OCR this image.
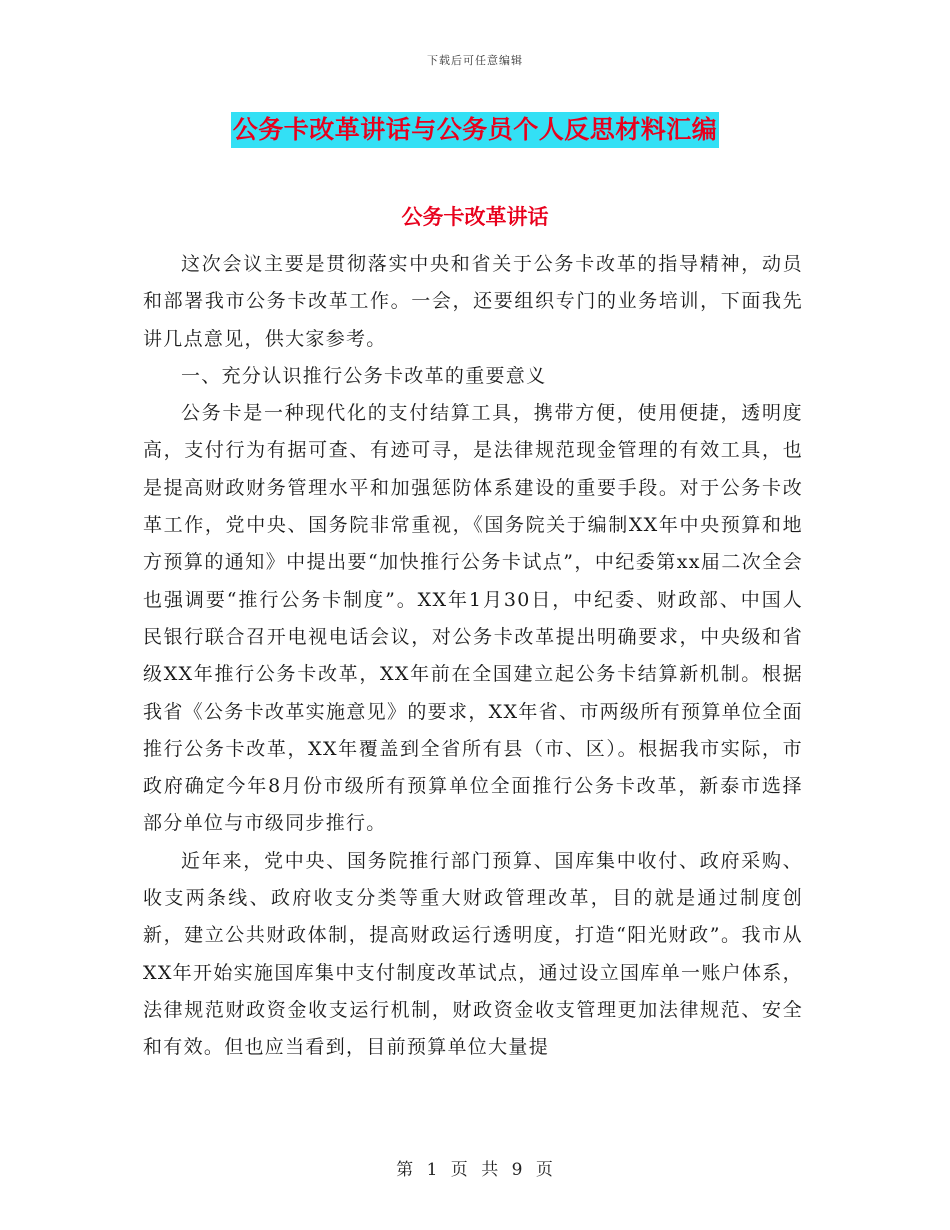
下载后可任意编辑
公务卡改革讲话与公务员个人反思材料汇编
公务卡改革讲话

这次会议主要是贯彻落实中央和省关于公务卡改革的指导精神，动员和部署我市公务卡改革工作。一会，还要组织专门的业务培训，下面我先讲几点意见，供大家参考。

一、充分认识推行公务卡改革的重要意义

公务卡是一种现代化的支付结算工具，携带方便，使用便捷，透明度高，支付行为有据可查、有迹可寻，是法律规范现金管理的有效工具，也是提高财政财务管理水平和加强惩防体系建设的重要手段。对于公务卡改革工作，党中央、国务院非常重视，《国务院关于编制XX年中央预算和地方预算的通知》中提出要“加快推行公务卡试点”，中纪委第xx届二次全会也强调要“推行公务卡制度”。XX年1月30日，中纪委、财政部、中国人民银行联合召开电视电话会议，对公务卡改革提出明确要求，中央级和省级XX年推行公务卡改革，XX年前在全国建立起公务卡结算新机制。根据我省《公务卡改革实施意见》的要求，XX年省、市两级所有预算单位全面推行公务卡改革，XX年覆盖到全省所有县（市、区）。根据我市实际，市政府确定今年8月份市级所有预算单位全面推行公务卡改革，新泰市选择部分单位与市级同步推行。

近年来，党中央、国务院推行部门预算、国库集中收付、政府采购、收支两条线、政府收支分类等重大财政管理改革，目的就是通过制度创新，建立公共财政体制，提高财政运行透明度，打造“阳光财政”。我市从XX年开始实施国库集中支付制度改革试点，通过设立国库单一账户体系，法律规范财政资金收支运行机制，财政资金收支管理更加法律规范、安全和有效。但也应当看到，目前预算单位大量提

第 1 页 共 9 页
